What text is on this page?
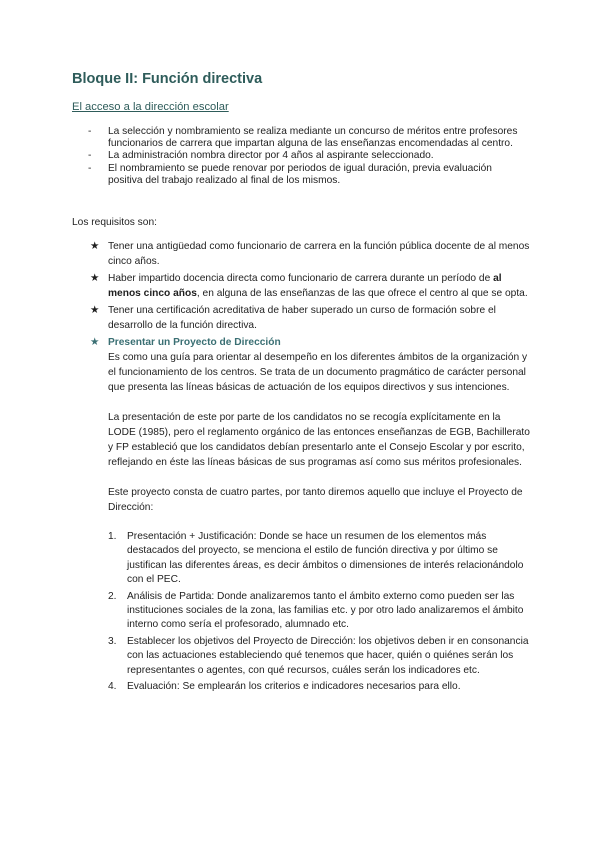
Bloque II: Función directiva

El acceso a la dirección escolar

- La selección y nombramiento se realiza mediante un concurso de méritos entre profesores funcionarios de carrera que impartan alguna de las enseñanzas encomendadas al centro.
- La administración nombra director por 4 años al aspirante seleccionado.
- El nombramiento se puede renovar por periodos de igual duración, previa evaluación positiva del trabajo realizado al final de los mismos.

Los requisitos son:

★ Tener una antigüedad como funcionario de carrera en la función pública docente de al menos cinco años.
★ Haber impartido docencia directa como funcionario de carrera durante un período de al menos cinco años, en alguna de las enseñanzas de las que ofrece el centro al que se opta.
★ Tener una certificación acreditativa de haber superado un curso de formación sobre el desarrollo de la función directiva.
★ Presentar un Proyecto de Dirección

Es como una guía para orientar al desempeño en los diferentes ámbitos de la organización y el funcionamiento de los centros. Se trata de un documento pragmático de carácter personal que presenta las líneas básicas de actuación de los equipos directivos y sus intenciones.

La presentación de este por parte de los candidatos no se recogía explícitamente en la LODE (1985), pero el reglamento orgánico de las entonces enseñanzas de EGB, Bachillerato y FP estableció que los candidatos debían presentarlo ante el Consejo Escolar y por escrito, reflejando en éste las líneas básicas de sus programas así como sus méritos profesionales.

Este proyecto consta de cuatro partes, por tanto diremos aquello que incluye el Proyecto de Dirección:

1. Presentación + Justificación: Donde se hace un resumen de los elementos más destacados del proyecto, se menciona el estilo de función directiva y por último se justifican las diferentes áreas, es decir ámbitos o dimensiones de interés relacionándolo con el PEC.
2. Análisis de Partida: Donde analizaremos tanto el ámbito externo como pueden ser las instituciones sociales de la zona, las familias etc. y por otro lado analizaremos el ámbito interno como sería el profesorado, alumnado etc.
3. Establecer los objetivos del Proyecto de Dirección: los objetivos deben ir en consonancia con las actuaciones estableciendo qué tenemos que hacer, quién o quiénes serán los representantes o agentes, con qué recursos, cuáles serán los indicadores etc.
4. Evaluación: Se emplearán los criterios e indicadores necesarios para ello.
